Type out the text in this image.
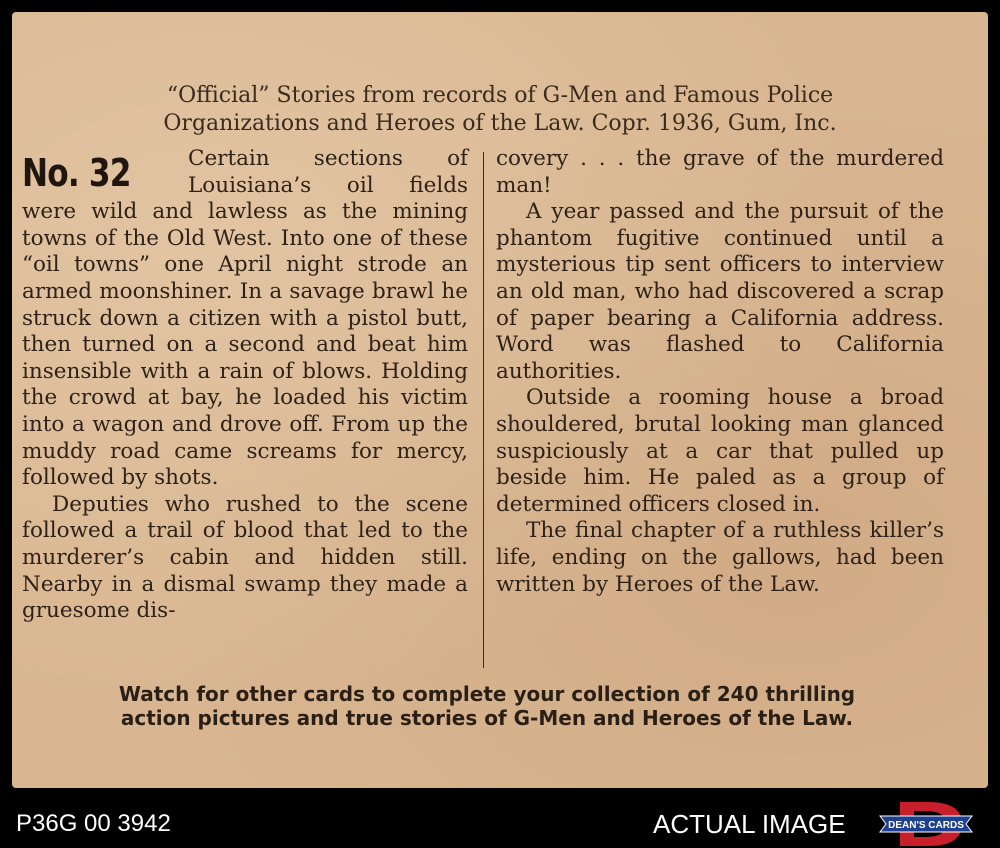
“Official” Stories from records of G-Men and Famous Police
Organizations and Heroes of the Law. Copr. 1936, Gum, Inc.
No. 32	Certain sections of Louisiana’s oil fields were wild and lawless as the mining towns of the Old West. Into one of these “oil towns” one April night strode an armed moonshiner. In a savage brawl he struck down a citizen with a pistol butt, then turned on a second and beat him insensible with a rain of blows. Holding the crowd at bay, he loaded his victim into a wagon and drove off. From up the muddy road came screams for mercy, followed by shots.

Deputies who rushed to the scene followed a trail of blood that led to the murderer’s cabin and hidden still. Nearby in a dismal swamp they made a gruesome dis-

covery . . . the grave of the murdered man!

A year passed and the pursuit of the phantom fugitive continued until a mysterious tip sent officers to interview an old man, who had discovered a scrap of paper bearing a California address. Word was flashed to California authorities.

Outside a rooming house a broad shouldered, brutal looking man glanced suspiciously at a car that pulled up beside him. He paled as a group of determined officers closed in.

The final chapter of a ruthless killer’s life, ending on the gallows, had been written by Heroes of the Law.

Watch for other cards to complete your collection of 240 thrilling
action pictures and true stories of G-Men and Heroes of the Law.
P36G 00 3942	ACTUAL IMAGE	DEAN'S CARDS
